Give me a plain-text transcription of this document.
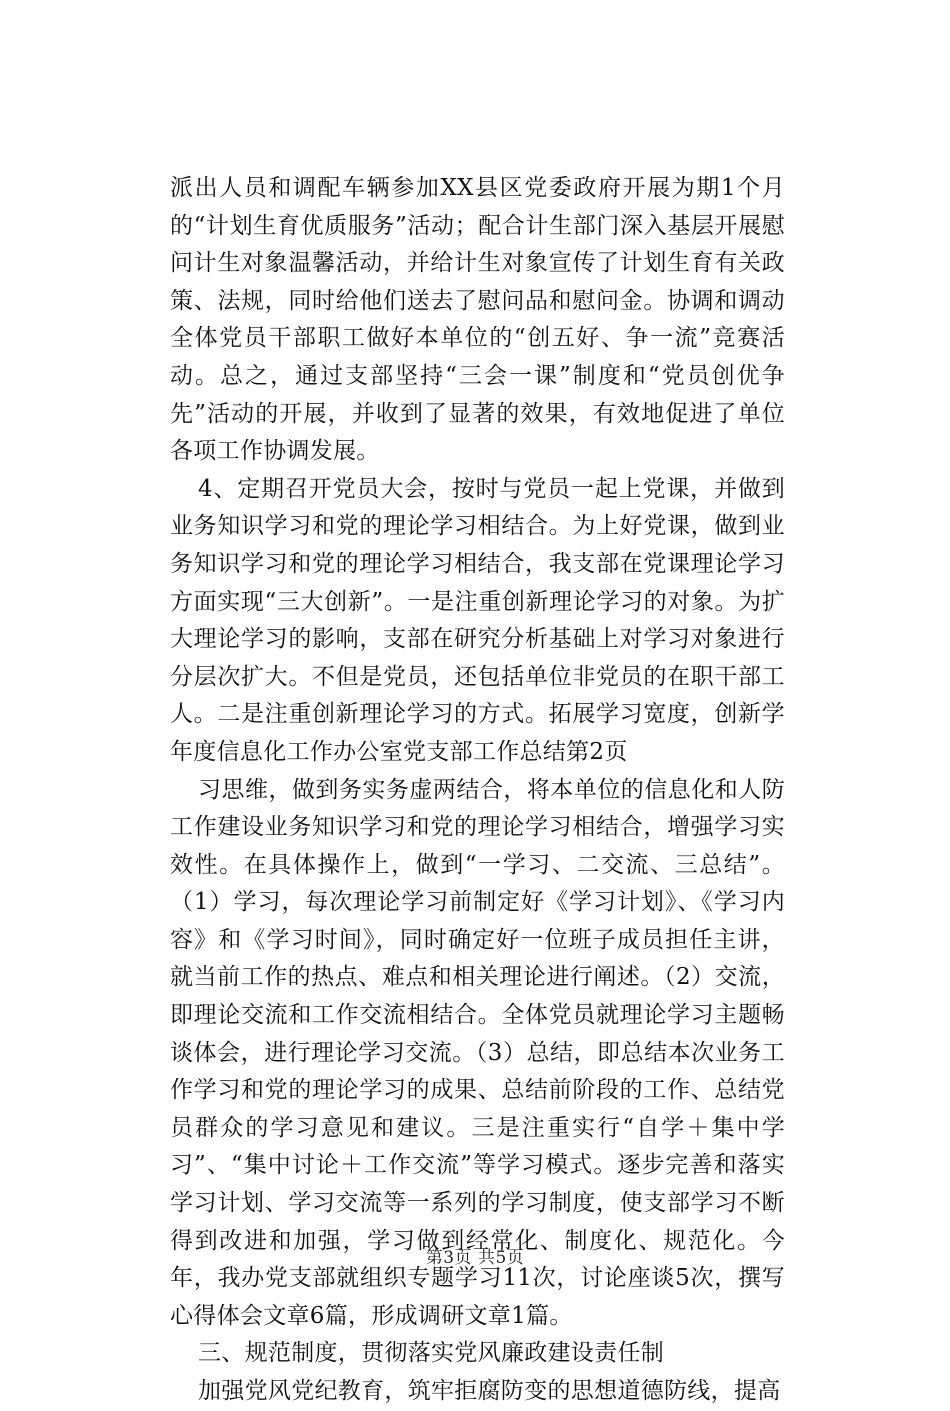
派出人员和调配车辆参加XX县区党委政府开展为期1个月的“计划生育优质服务”活动；配合计生部门深入基层开展慰问计生对象温馨活动，并给计生对象宣传了计划生育有关政策、法规，同时给他们送去了慰问品和慰问金。协调和调动全体党员干部职工做好本单位的“创五好、争一流”竞赛活动。总之，通过支部坚持“三会一课”制度和“党员创优争先”活动的开展，并收到了显著的效果，有效地促进了单位各项工作协调发展。

4、定期召开党员大会，按时与党员一起上党课，并做到业务知识学习和党的理论学习相结合。为上好党课，做到业务知识学习和党的理论学习相结合，我支部在党课理论学习方面实现“三大创新”。一是注重创新理论学习的对象。为扩大理论学习的影响，支部在研究分析基础上对学习对象进行分层次扩大。不但是党员，还包括单位非党员的在职干部工人。二是注重创新理论学习的方式。拓展学习宽度，创新学年度信息化工作办公室党支部工作总结第2页

习思维，做到务实务虚两结合，将本单位的信息化和人防工作建设业务知识学习和党的理论学习相结合，增强学习实效性。在具体操作上，做到“一学习、二交流、三总结”。（1）学习，每次理论学习前制定好《学习计划》、《学习内容》和《学习时间》，同时确定好一位班子成员担任主讲，就当前工作的热点、难点和相关理论进行阐述。（2）交流，即理论交流和工作交流相结合。全体党员就理论学习主题畅谈体会，进行理论学习交流。（3）总结，即总结本次业务工作学习和党的理论学习的成果、总结前阶段的工作、总结党员群众的学习意见和建议。三是注重实行“自学＋集中学习”、“集中讨论＋工作交流”等学习模式。逐步完善和落实学习计划、学习交流等一系列的学习制度，使支部学习不断得到改进和加强，学习做到经常化、制度化、规范化。今年，我办党支部就组织专题学习11次，讨论座谈5次，撰写心得体会文章6篇，形成调研文章1篇。

三、规范制度，贯彻落实党风廉政建设责任制

加强党风党纪教育，筑牢拒腐防变的思想道德防线，提高

第3页 共5页
